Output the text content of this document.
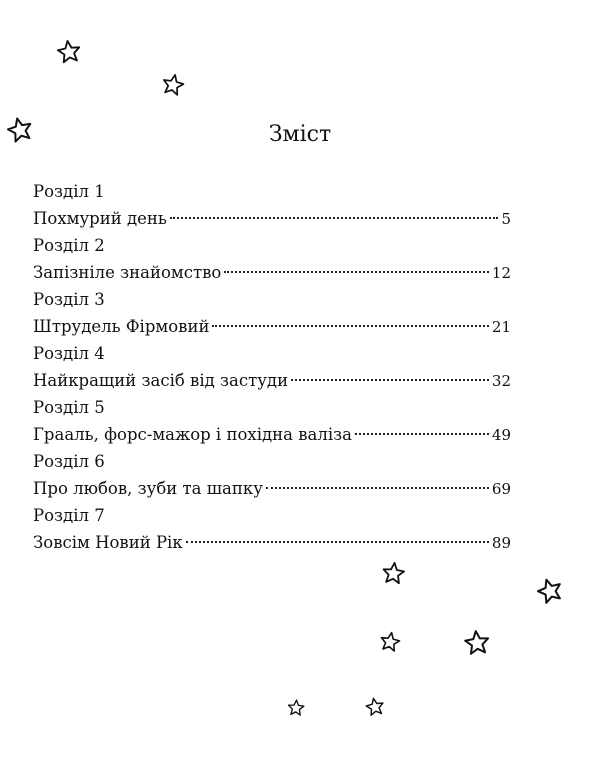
Зміст
Розділ 1
Похмурий день	5
Розділ 2
Запізніле знайомство	12
Розділ 3
Штрудель Фірмовий	21
Розділ 4
Найкращий засіб від застуди	32
Розділ 5
Грааль, форс-мажор і похідна валіза	49
Розділ 6
Про любов, зуби та шапку	69
Розділ 7
Зовсім Новий Рік	89
